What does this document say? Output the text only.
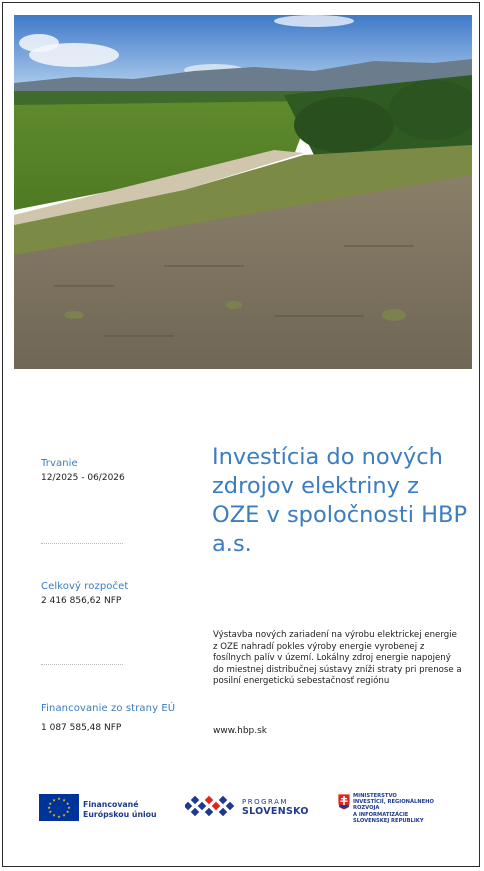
Trvanie
12/2025 - 06/2026
Celkový rozpočet
2 416 856,62 NFP
Financovanie zo strany EÚ
1 087 585,48 NFP
Investícia do nových zdrojov elektriny z OZE v spoločnosti HBP a.s.
Výstavba nových zariadení na výrobu elektrickej energie z OZE nahradí pokles výroby energie vyrobenej z fosílnych palív v území. Lokálny zdroj energie napojený do miestnej distribučnej sústavy zníži straty pri prenose a posilní energetickú sebestačnosť regiónu
www.hbp.sk
★ ★
★
★
★
★
★
★
★
★
★
★
Financované
Európskou úniou
PROGRAM
SLOVENSKO
MINISTERSTVO
INVESTÍCIÍ, REGIONÁLNEHO ROZVOJA
A INFORMATIZÁCIE
SLOVENSKEJ REPUBLIKY
